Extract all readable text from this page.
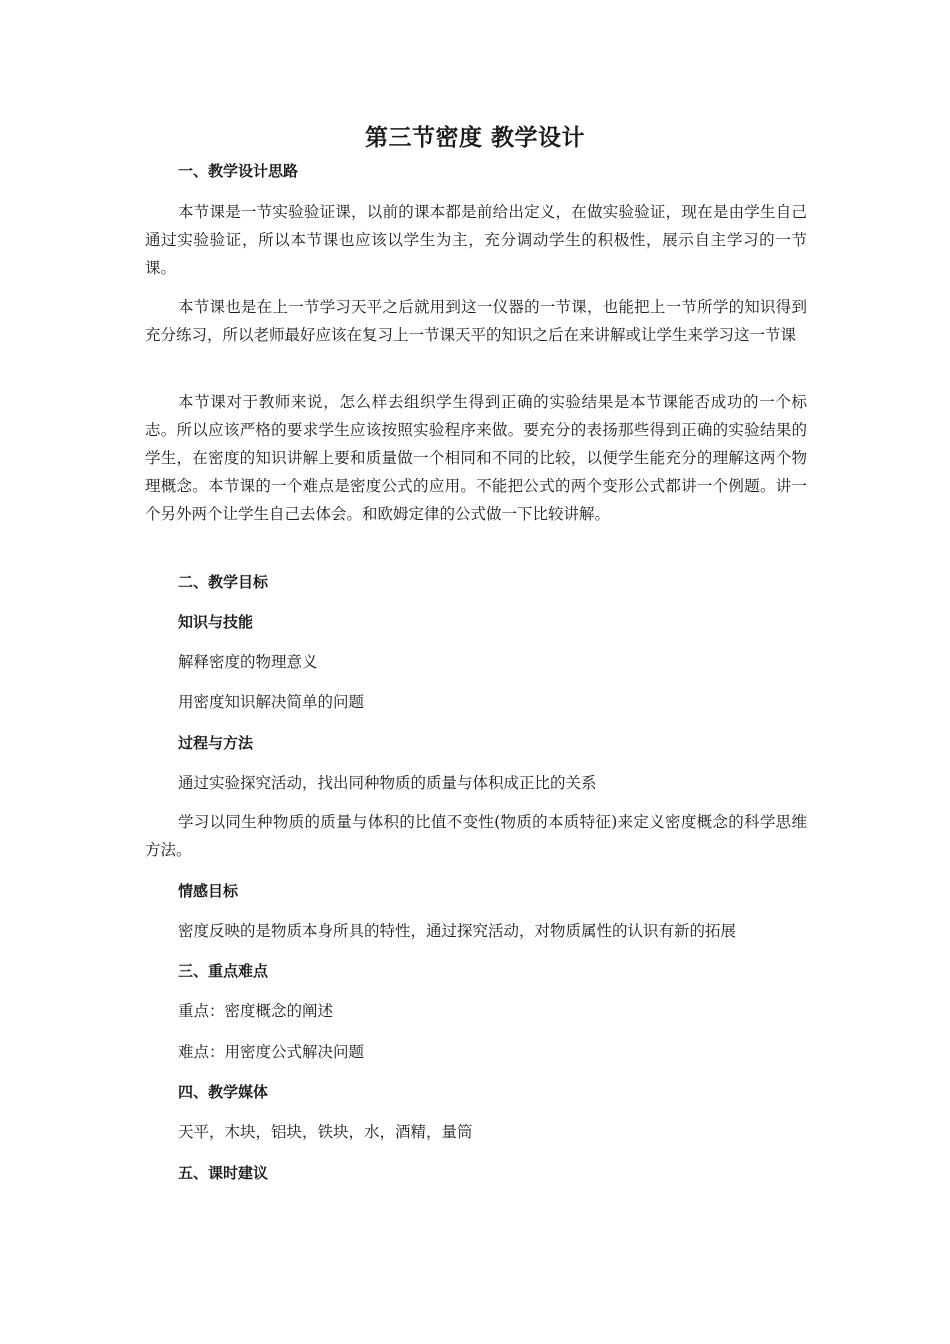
第三节密度 教学设计
一、教学设计思路

本节课是一节实验验证课，以前的课本都是前给出定义，在做实验验证，现在是由学生自己通过实验验证，所以本节课也应该以学生为主，充分调动学生的积极性，展示自主学习的一节课。

本节课也是在上一节学习天平之后就用到这一仪器的一节课，也能把上一节所学的知识得到充分练习，所以老师最好应该在复习上一节课天平的知识之后在来讲解或让学生来学习这一节课

本节课对于教师来说，怎么样去组织学生得到正确的实验结果是本节课能否成功的一个标志。所以应该严格的要求学生应该按照实验程序来做。要充分的表扬那些得到正确的实验结果的学生，在密度的知识讲解上要和质量做一个相同和不同的比较，以便学生能充分的理解这两个物理概念。本节课的一个难点是密度公式的应用。不能把公式的两个变形公式都讲一个例题。讲一个另外两个让学生自己去体会。和欧姆定律的公式做一下比较讲解。

二、教学目标
知识与技能

解释密度的物理意义

用密度知识解决简单的问题

过程与方法

通过实验探究活动，找出同种物质的质量与体积成正比的关系

学习以同生种物质的质量与体积的比值不变性(物质的本质特征)来定义密度概念的科学思维方法。

情感目标

密度反映的是物质本身所具的特性，通过探究活动，对物质属性的认识有新的拓展

三、重点难点

重点：密度概念的阐述

难点：用密度公式解决问题

四、教学媒体

天平，木块，铝块，铁块，水，酒精，量筒

五、课时建议
